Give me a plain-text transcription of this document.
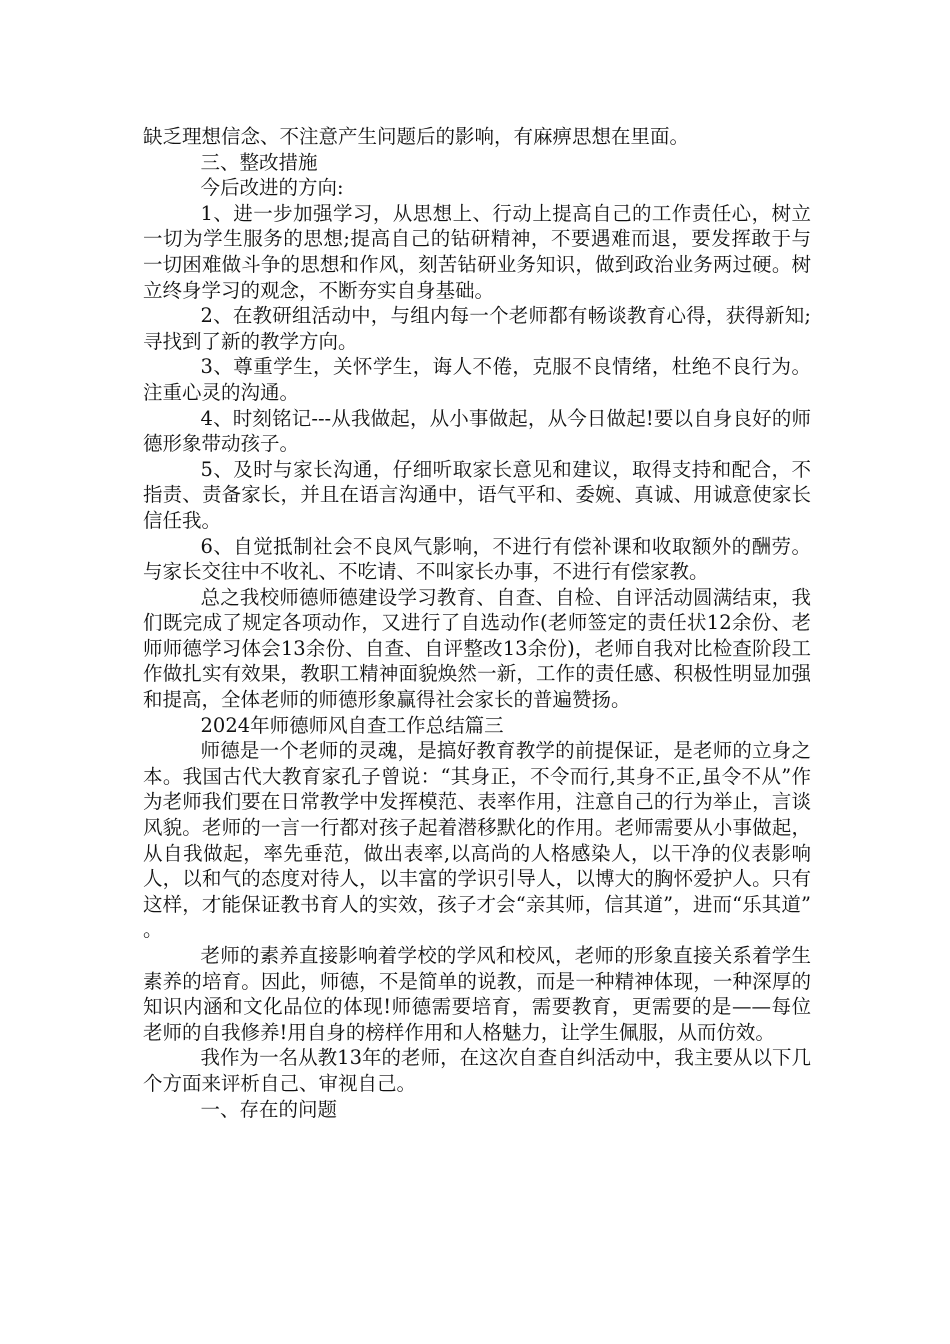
缺乏理想信念、不注意产生问题后的影响，有麻痹思想在里面。

三、整改措施

今后改进的方向:

1、进一步加强学习，从思想上、行动上提高自己的工作责任心，树立一切为学生服务的思想;提高自己的钻研精神，不要遇难而退，要发挥敢于与一切困难做斗争的思想和作风，刻苦钻研业务知识，做到政治业务两过硬。树立终身学习的观念，不断夯实自身基础。

2、在教研组活动中，与组内每一个老师都有畅谈教育心得，获得新知;寻找到了新的教学方向。

3、尊重学生，关怀学生，诲人不倦，克服不良情绪，杜绝不良行为。注重心灵的沟通。

4、时刻铭记---从我做起，从小事做起，从今日做起!要以自身良好的师德形象带动孩子。

5、及时与家长沟通，仔细听取家长意见和建议，取得支持和配合，不指责、责备家长，并且在语言沟通中，语气平和、委婉、真诚、用诚意使家长信任我。

6、自觉抵制社会不良风气影响，不进行有偿补课和收取额外的酬劳。与家长交往中不收礼、不吃请、不叫家长办事，不进行有偿家教。

总之我校师德师德建设学习教育、自查、自检、自评活动圆满结束，我们既完成了规定各项动作，又进行了自选动作(老师签定的责任状12余份、老师师德学习体会13余份、自查、自评整改13余份)，老师自我对比检查阶段工作做扎实有效果，教职工精神面貌焕然一新，工作的责任感、积极性明显加强和提高，全体老师的师德形象赢得社会家长的普遍赞扬。

2024年师德师风自查工作总结篇三

师德是一个老师的灵魂，是搞好教育教学的前提保证，是老师的立身之本。我国古代大教育家孔子曾说：“其身正，不令而行,其身不正,虽令不从”作为老师我们要在日常教学中发挥模范、表率作用，注意自己的行为举止，言谈风貌。老师的一言一行都对孩子起着潜移默化的作用。老师需要从小事做起，从自我做起，率先垂范，做出表率,以高尚的人格感染人，以干净的仪表影响人，以和气的态度对待人，以丰富的学识引导人，以博大的胸怀爱护人。只有这样，才能保证教书育人的实效，孩子才会“亲其师，信其道”，进而“乐其道”。

老师的素养直接影响着学校的学风和校风，老师的形象直接关系着学生素养的培育。因此，师德，不是简单的说教，而是一种精神体现，一种深厚的知识内涵和文化品位的体现!师德需要培育，需要教育，更需要的是——每位老师的自我修养!用自身的榜样作用和人格魅力，让学生佩服，从而仿效。

我作为一名从教13年的老师，在这次自查自纠活动中，我主要从以下几个方面来评析自己、审视自己。

一、存在的问题
